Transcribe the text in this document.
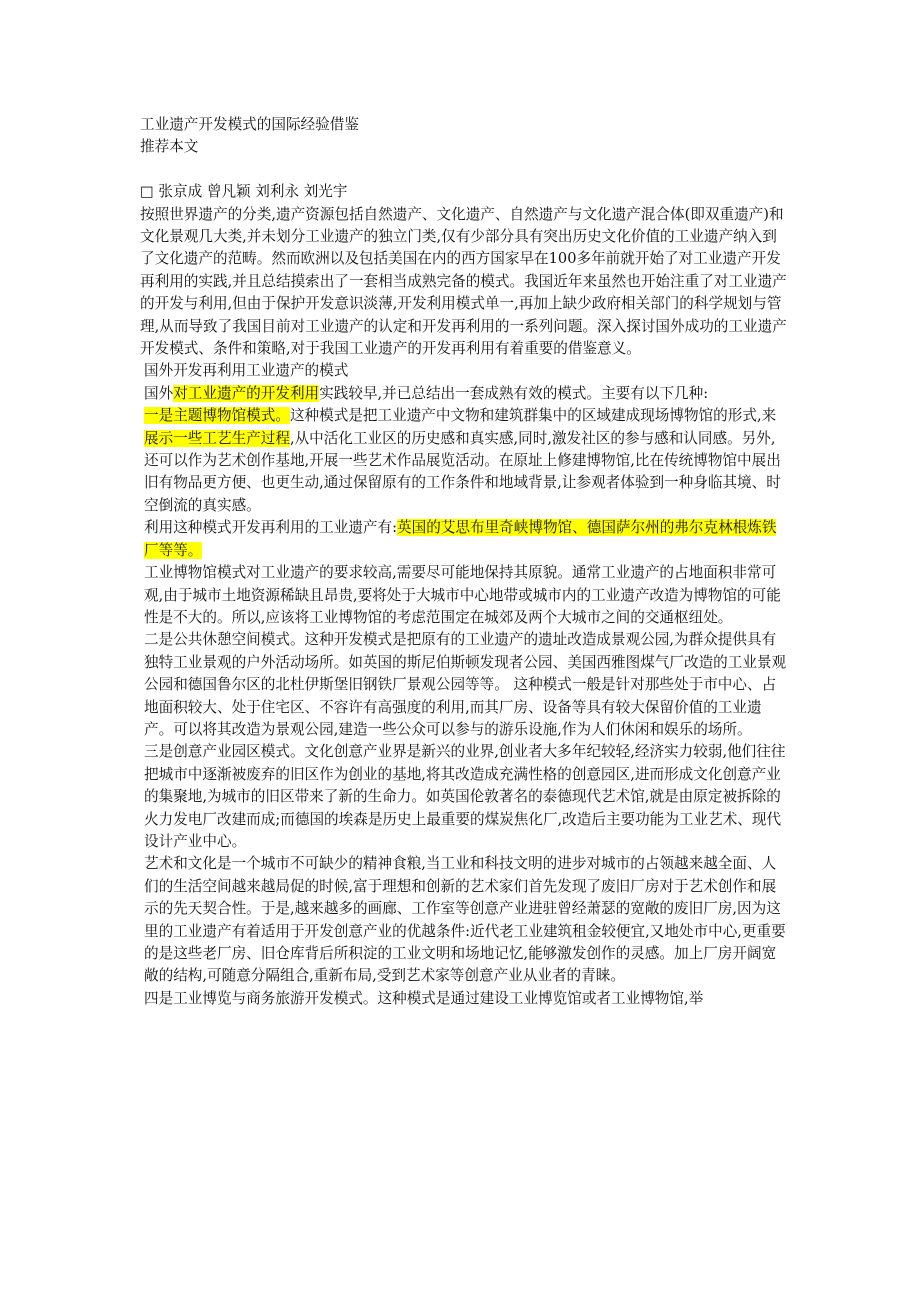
工业遗产开发模式的国际经验借鉴

推荐本文

□ 张京成 曾凡颖 刘利永 刘光宇

按照世界遗产的分类,遗产资源包括自然遗产、文化遗产、自然遗产与文化遗产混合体(即双重遗产)和文化景观几大类,并未划分工业遗产的独立门类,仅有少部分具有突出历史文化价值的工业遗产纳入到了文化遗产的范畴。然而欧洲以及包括美国在内的西方国家早在100多年前就开始了对工业遗产开发再利用的实践,并且总结摸索出了一套相当成熟完备的模式。我国近年来虽然也开始注重了对工业遗产的开发与利用,但由于保护开发意识淡薄,开发利用模式单一,再加上缺少政府相关部门的科学规划与管理,从而导致了我国目前对工业遗产的认定和开发再利用的一系列问题。深入探讨国外成功的工业遗产开发模式、条件和策略,对于我国工业遗产的开发再利用有着重要的借鉴意义。

国外开发再利用工业遗产的模式

国外对工业遗产的开发利用实践较早,并已总结出一套成熟有效的模式。主要有以下几种:

一是主题博物馆模式。这种模式是把工业遗产中文物和建筑群集中的区域建成现场博物馆的形式,来展示一些工艺生产过程,从中活化工业区的历史感和真实感,同时,激发社区的参与感和认同感。另外,还可以作为艺术创作基地,开展一些艺术作品展览活动。在原址上修建博物馆,比在传统博物馆中展出旧有物品更方便、也更生动,通过保留原有的工作条件和地域背景,让参观者体验到一种身临其境、时空倒流的真实感。

利用这种模式开发再利用的工业遗产有:英国的艾思布里奇峡博物馆、德国萨尔州的弗尔克林根炼铁厂等等。

工业博物馆模式对工业遗产的要求较高,需要尽可能地保持其原貌。通常工业遗产的占地面积非常可观,由于城市土地资源稀缺且昂贵,要将处于大城市中心地带或城市内的工业遗产改造为博物馆的可能性是不大的。所以,应该将工业博物馆的考虑范围定在城郊及两个大城市之间的交通枢纽处。

二是公共休憩空间模式。这种开发模式是把原有的工业遗产的遗址改造成景观公园,为群众提供具有独特工业景观的户外活动场所。如英国的斯尼伯斯顿发现者公园、美国西雅图煤气厂改造的工业景观公园和德国鲁尔区的北杜伊斯堡旧钢铁厂景观公园等等。 这种模式一般是针对那些处于市中心、占地面积较大、处于住宅区、不容许有高强度的利用,而其厂房、设备等具有较大保留价值的工业遗产。可以将其改造为景观公园,建造一些公众可以参与的游乐设施,作为人们休闲和娱乐的场所。

三是创意产业园区模式。文化创意产业界是新兴的业界,创业者大多年纪较轻,经济实力较弱,他们往往把城市中逐渐被废弃的旧区作为创业的基地,将其改造成充满性格的创意园区,进而形成文化创意产业的集聚地,为城市的旧区带来了新的生命力。如英国伦敦著名的泰德现代艺术馆,就是由原定被拆除的火力发电厂改建而成;而德国的埃森是历史上最重要的煤炭焦化厂,改造后主要功能为工业艺术、现代设计产业中心。

艺术和文化是一个城市不可缺少的精神食粮,当工业和科技文明的进步对城市的占领越来越全面、人们的生活空间越来越局促的时候,富于理想和创新的艺术家们首先发现了废旧厂房对于艺术创作和展示的先天契合性。于是,越来越多的画廊、工作室等创意产业进驻曾经萧瑟的宽敞的废旧厂房,因为这里的工业遗产有着适用于开发创意产业的优越条件:近代老工业建筑租金较便宜,又地处市中心,更重要的是这些老厂房、旧仓库背后所积淀的工业文明和场地记忆,能够激发创作的灵感。加上厂房开阔宽敞的结构,可随意分隔组合,重新布局,受到艺术家等创意产业从业者的青睐。

四是工业博览与商务旅游开发模式。这种模式是通过建设工业博览馆或者工业博物馆,举
